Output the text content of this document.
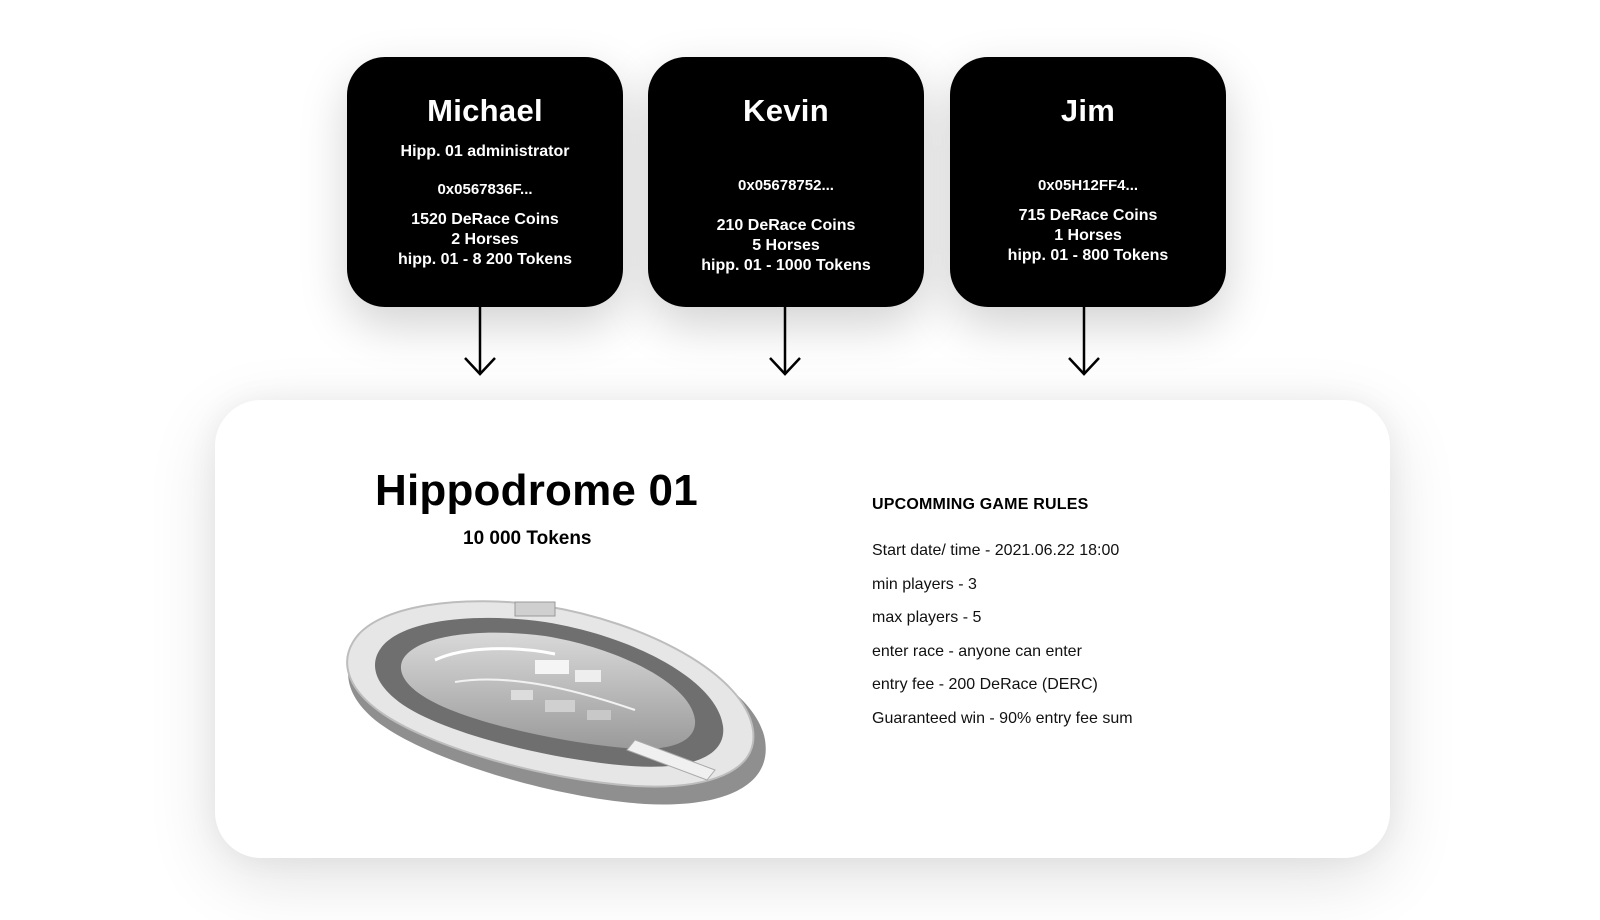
Michael
Hipp. 01 administrator
0x0567836F...
1520 DeRace Coins
2 Horses
hipp. 01 - 8 200 Tokens
Kevin
0x05678752...
210 DeRace Coins
5 Horses
hipp. 01 - 1000 Tokens
Jim
0x05H12FF4...
715 DeRace Coins
1 Horses
hipp. 01 - 800 Tokens
Hippodrome 01
10 000 Tokens
UPCOMMING GAME RULES
Start date/ time - 2021.06.22 18:00
min players - 3
max players - 5
enter race - anyone can enter
entry fee - 200 DeRace (DERC)
Guaranteed win - 90% entry fee sum
